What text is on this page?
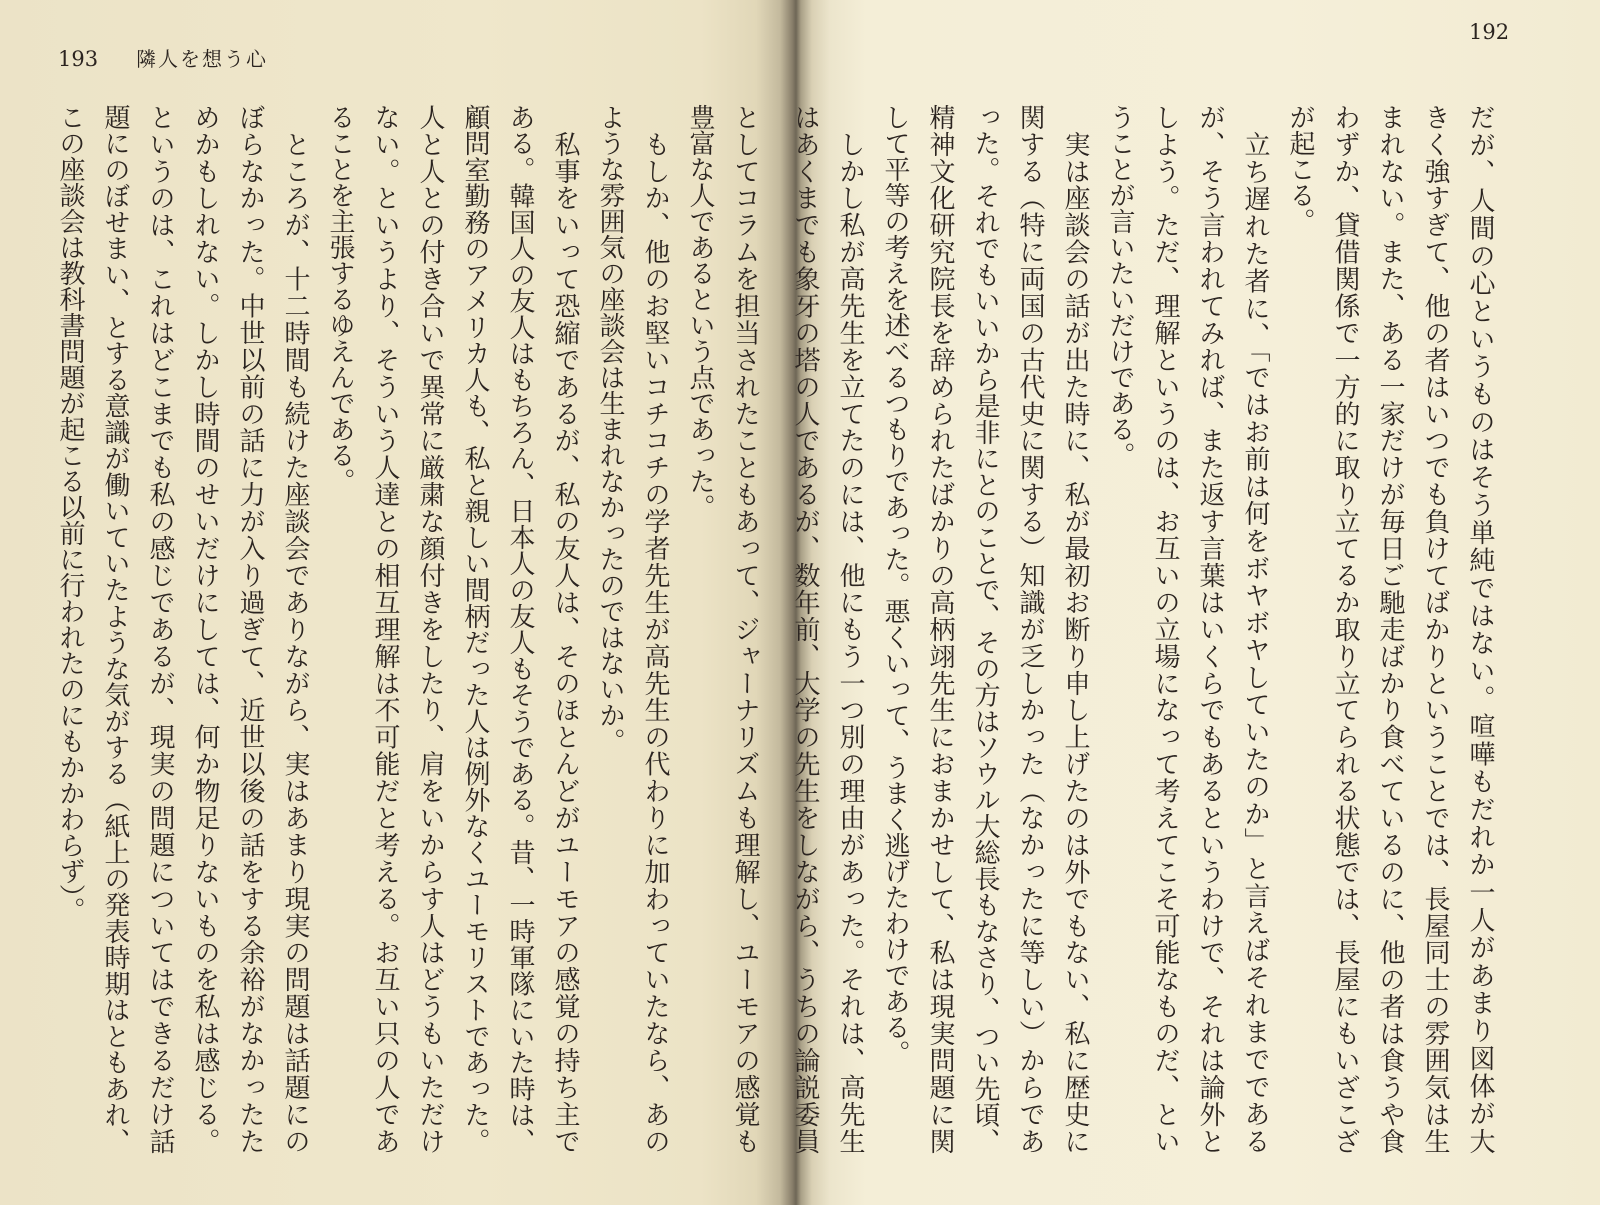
193 隣人を想う心
192
だが、人間の心というものはそう単純ではない。喧嘩もだれか一人があまり図体が大
きく強すぎて、他の者はいつでも負けてばかりということでは、長屋同士の雰囲気は生
まれない。また、ある一家だけが毎日ご馳走ばかり食べているのに、他の者は食うや食
わずか、貸借関係で一方的に取り立てるか取り立てられる状態では、長屋にもいざこざ
が起こる。
　立ち遅れた者に、「ではお前は何をボヤボヤしていたのか」と言えばそれまでである
が、そう言われてみれば、また返す言葉はいくらでもあるというわけで、それは論外と
しよう。ただ、理解というのは、お互いの立場になって考えてこそ可能なものだ、とい
うことが言いたいだけである。
　実は座談会の話が出た時に、私が最初お断り申し上げたのは外でもない、私に歴史に
関する（特に両国の古代史に関する）知識が乏しかった（なかったに等しい）からであ
った。それでもいいから是非にとのことで、その方はソウル大総長もなさり、つい先頃、
精神文化研究院長を辞められたばかりの高柄翊先生におまかせして、私は現実問題に関
して平等の考えを述べるつもりであった。悪くいって、うまく逃げたわけである。
　しかし私が高先生を立てたのには、他にもう一つ別の理由があった。それは、高先生
はあくまでも象牙の塔の人であるが、数年前、大学の先生をしながら、うちの論説委員
としてコラムを担当されたこともあって、ジャーナリズムも理解し、ユーモアの感覚も
豊富な人であるという点であった。
　もしか、他のお堅いコチコチの学者先生が高先生の代わりに加わっていたなら、あの
ような雰囲気の座談会は生まれなかったのではないか。
　私事をいって恐縮であるが、私の友人は、そのほとんどがユーモアの感覚の持ち主で
ある。韓国人の友人はもちろん、日本人の友人もそうである。昔、一時軍隊にいた時は、
顧問室勤務のアメリカ人も、私と親しい間柄だった人は例外なくユーモリストであった。
人と人との付き合いで異常に厳粛な顔付きをしたり、肩をいからす人はどうもいただけ
ない。というより、そういう人達との相互理解は不可能だと考える。お互い只の人であ
ることを主張するゆえんである。
　ところが、十二時間も続けた座談会でありながら、実はあまり現実の問題は話題にの
ぼらなかった。中世以前の話に力が入り過ぎて、近世以後の話をする余裕がなかったた
めかもしれない。しかし時間のせいだけにしては、何か物足りないものを私は感じる。
というのは、これはどこまでも私の感じであるが、現実の問題についてはできるだけ話
題にのぼせまい、とする意識が働いていたような気がする（紙上の発表時期はともあれ、
この座談会は教科書問題が起こる以前に行われたのにもかかわらず）。
